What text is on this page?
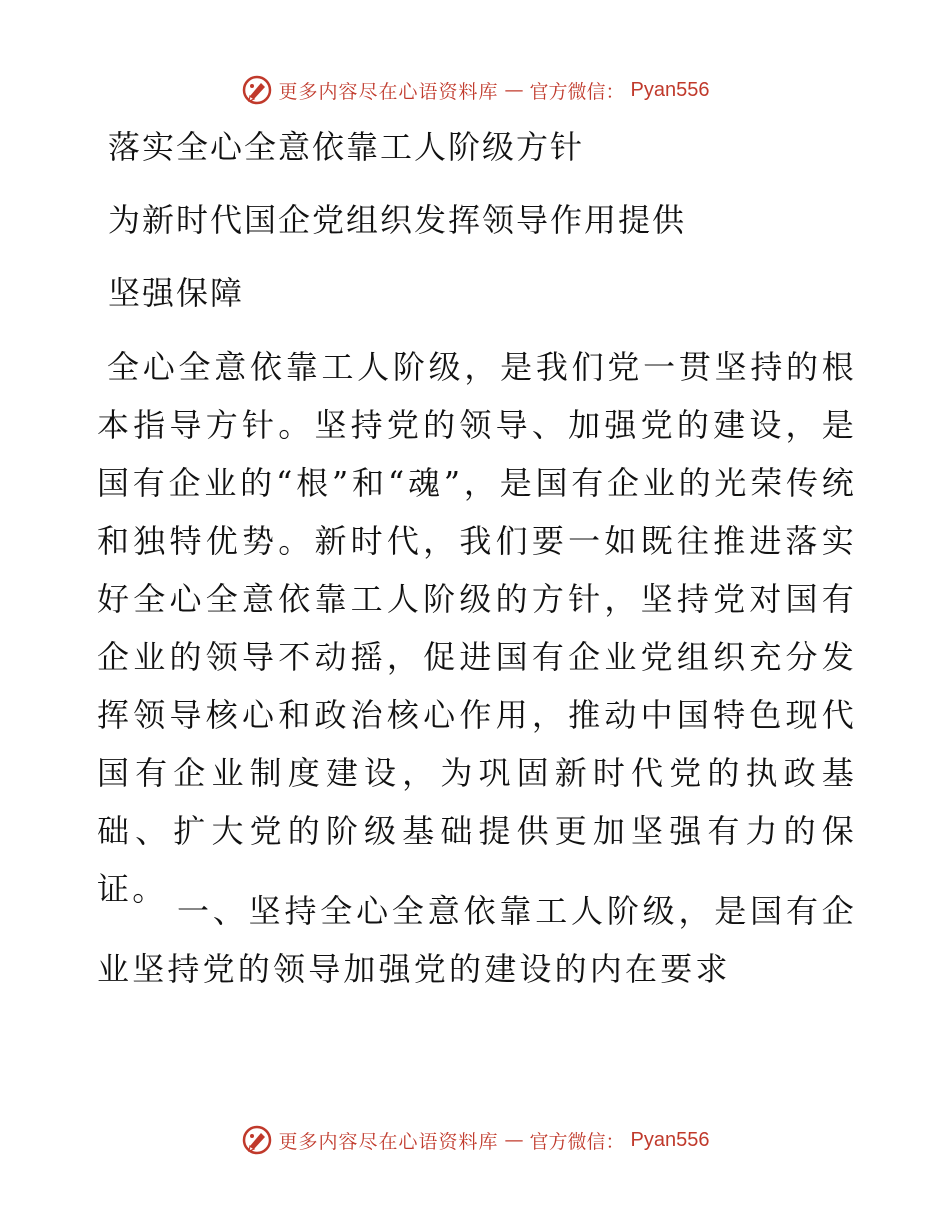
更多内容尽在心语资料库 — 官方微信： Pyan556
落实全心全意依靠工人阶级方针
为新时代国企党组织发挥领导作用提供
坚强保障

全心全意依靠工人阶级，是我们党一贯坚持的根本指导方针。坚持党的领导、加强党的建设，是国有企业的“根”和“魂”，是国有企业的光荣传统和独特优势。新时代，我们要一如既往推进落实好全心全意依靠工人阶级的方针，坚持党对国有企业的领导不动摇，促进国有企业党组织充分发挥领导核心和政治核心作用，推动中国特色现代国有企业制度建设，为巩固新时代党的执政基础、扩大党的阶级基础提供更加坚强有力的保证。

一、坚持全心全意依靠工人阶级，是国有企业坚持党的领导加强党的建设的内在要求

更多内容尽在心语资料库 — 官方微信： Pyan556
